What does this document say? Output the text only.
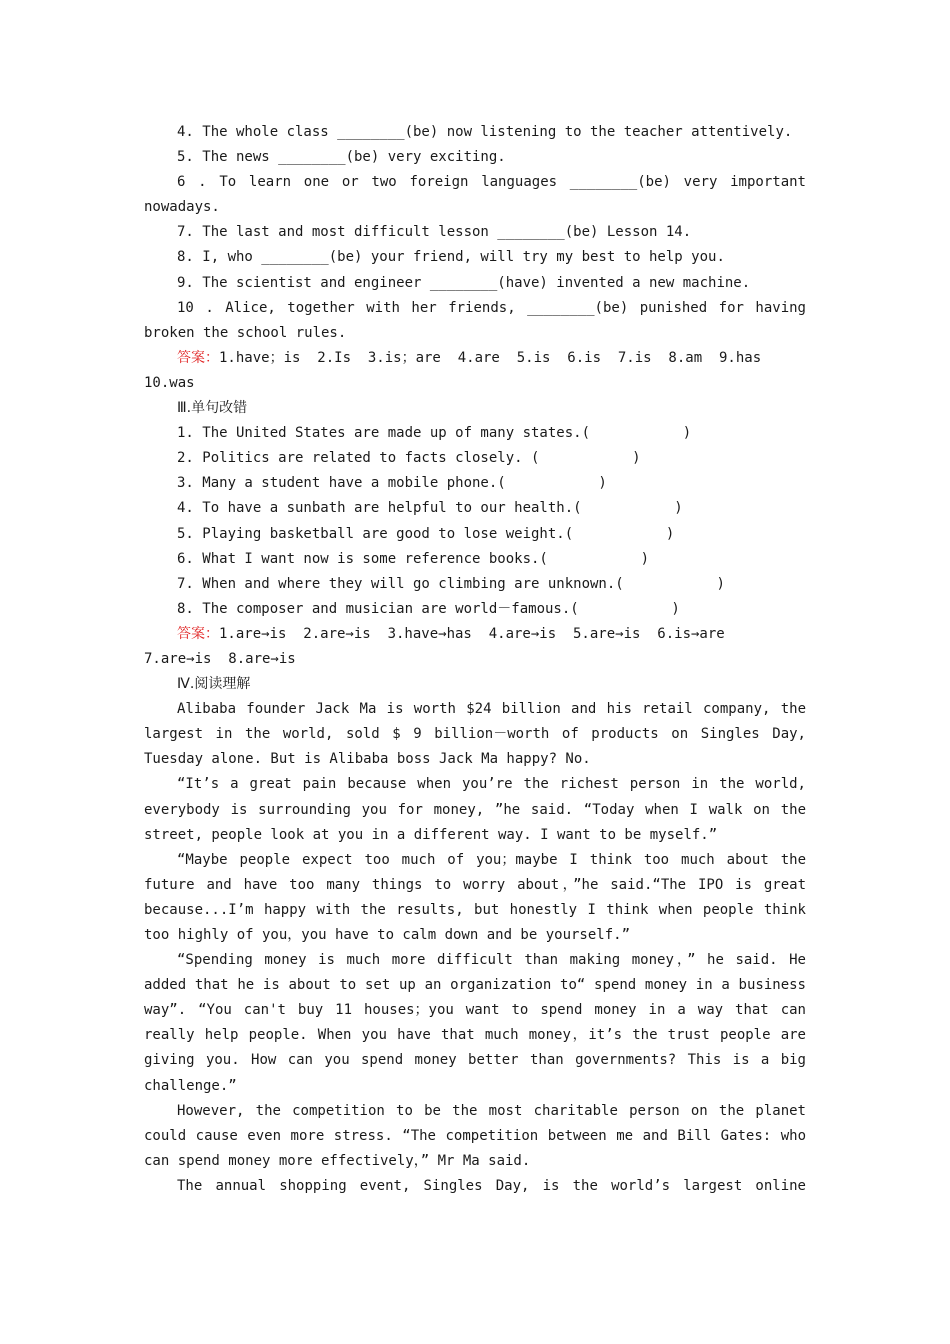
4. The whole class ________(be) now listening to the teacher attentively.
5. The news ________(be) very exciting.
6 . To learn one or two foreign languages ________(be) very important
nowadays.
7. The last and most difficult lesson ________(be) Lesson 14.
8. I, who ________(be) your friend, will try my best to help you.
9. The scientist and engineer ________(have) invented a new machine.
10 . Alice, together with her friends, ________(be) punished for having
broken the school rules.
答案：1.have；is  2.Is  3.is；are  4.are  5.is  6.is  7.is  8.am  9.has
10.was
Ⅲ.单句改错
1. The United States are made up of many states.(           )
2. Politics are related to facts closely. (           )
3. Many a student have a mobile phone.(           )
4. To have a sunbath are helpful to our health.(           )
5. Playing basketball are good to lose weight.(           )
6. What I want now is some reference books.(           )
7. When and where they will go climbing are unknown.(           )
8. The composer and musician are world－famous.(           )
答案：1.are→is  2.are→is  3.have→has  4.are→is  5.are→is  6.is→are
7.are→is  8.are→is
Ⅳ.阅读理解
Alibaba founder Jack Ma is worth $24 billion and his retail company, the largest in the world, sold $ 9 billion－worth of products on Singles Day, Tuesday alone. But is Alibaba boss Jack Ma happy? No.
“It’s a great pain because when you’re the richest person in the world, everybody is surrounding you for money, ”he said. “Today when I walk on the street, people look at you in a different way. I want to be myself.”
“Maybe people expect too much of you；maybe I think too much about the future and have too many things to worry about，”he said.“The IPO is great because...I’m happy with the results, but honestly I think when people think too highly of you，you have to calm down and be yourself.”
“Spending money is much more difficult than making money，” he said. He added that he is about to set up an organization to“ spend money in a business way”. “You can't buy 11 houses；you want to spend money in a way that can really help people. When you have that much money，it’s the trust people are giving you. How can you spend money better than governments? This is a big challenge.”
However, the competition to be the most charitable person on the planet could cause even more stress. “The competition between me and Bill Gates: who can spend money more effectively，” Mr Ma said.
The annual shopping event, Singles Day, is the world’s largest online
